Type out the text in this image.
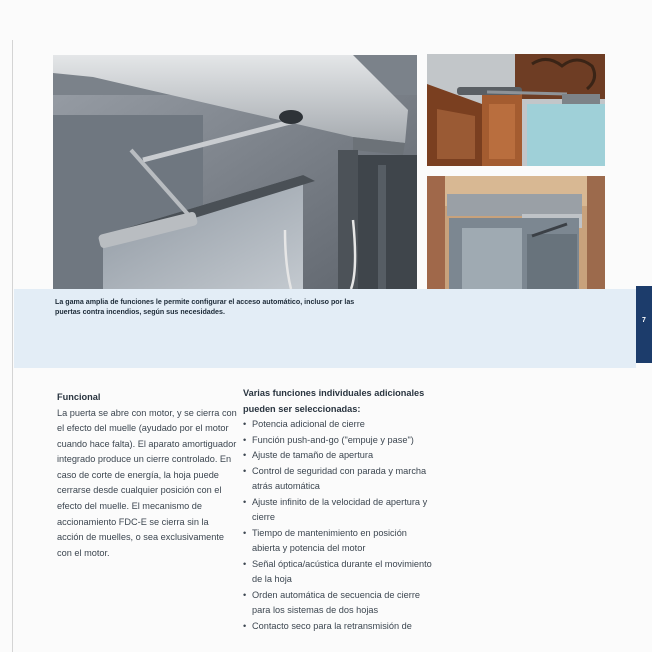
La gama amplia de funciones le permite configurar el acceso automático, incluso por las puertas contra incendios, según sus necesidades.

7

Funcional

La puerta se abre con motor, y se cierra con el efecto del muelle (ayudado por el motor cuando hace falta). El aparato amortiguador integrado produce un cierre controlado. En caso de corte de energía, la hoja puede cerrarse desde cualquier posición con el efecto del muelle. El mecanismo de accionamiento FDC-E se cierra sin la acción de muelles, o sea exclusivamente con el motor.

Varias funciones individuales adicionales pueden ser seleccionadas:

• Potencia adicional de cierre
• Función push-and-go ("empuje y pase")
• Ajuste de tamaño de apertura
• Control de seguridad con parada y marcha atrás automática
• Ajuste infinito de la velocidad de apertura y cierre
• Tiempo de mantenimiento en posición abierta y potencia del motor
• Señal óptica/acústica durante el movimiento de la hoja
• Orden automática de secuencia de cierre para los sistemas de dos hojas
• Contacto seco para la retransmisión de
